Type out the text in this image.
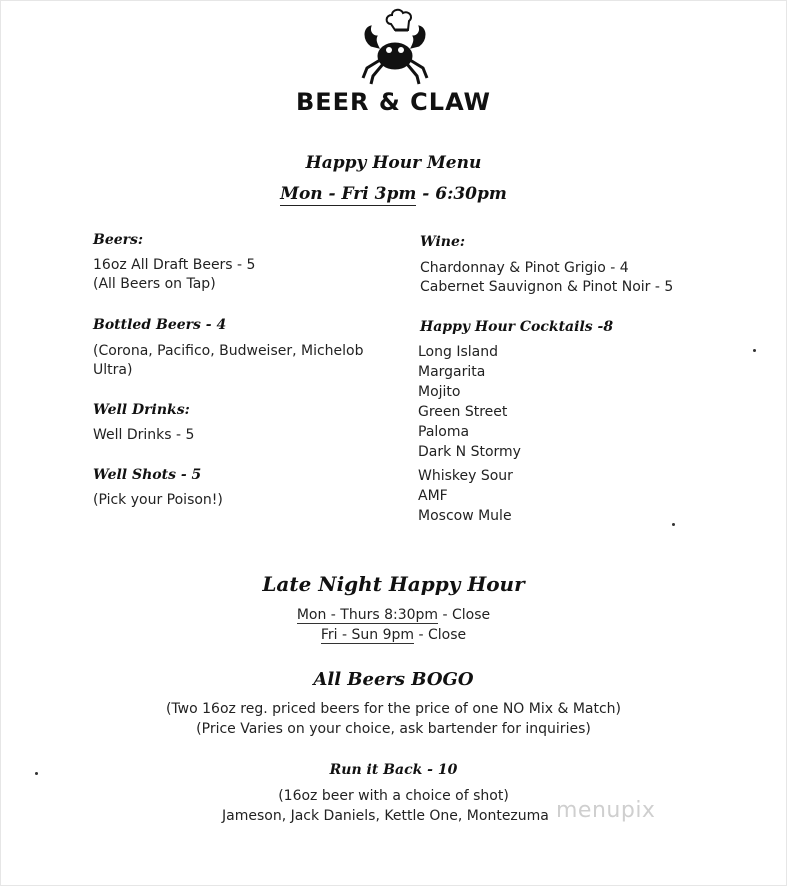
BEER & CLAW
Happy Hour Menu
Mon - Fri 3pm - 6:30pm
Beers:
16oz All Draft Beers - 5
(All Beers on Tap)
Bottled Beers - 4
(Corona, Pacifico, Budweiser, Michelob
Ultra)
Well Drinks:
Well Drinks - 5
Well Shots - 5
(Pick your Poison!)
Wine:
Chardonnay & Pinot Grigio - 4
Cabernet Sauvignon & Pinot Noir - 5
Happy Hour Cocktails -8
Long Island
Margarita
Mojito
Green Street
Paloma
Dark N Stormy
Whiskey Sour
AMF
Moscow Mule
Late Night Happy Hour
Mon - Thurs 8:30pm - Close
Fri - Sun 9pm - Close
All Beers BOGO
(Two 16oz reg. priced beers for the price of one NO Mix & Match)
(Price Varies on your choice, ask bartender for inquiries)
Run it Back - 10
(16oz beer with a choice of shot)
Jameson, Jack Daniels, Kettle One, Montezuma menupix
